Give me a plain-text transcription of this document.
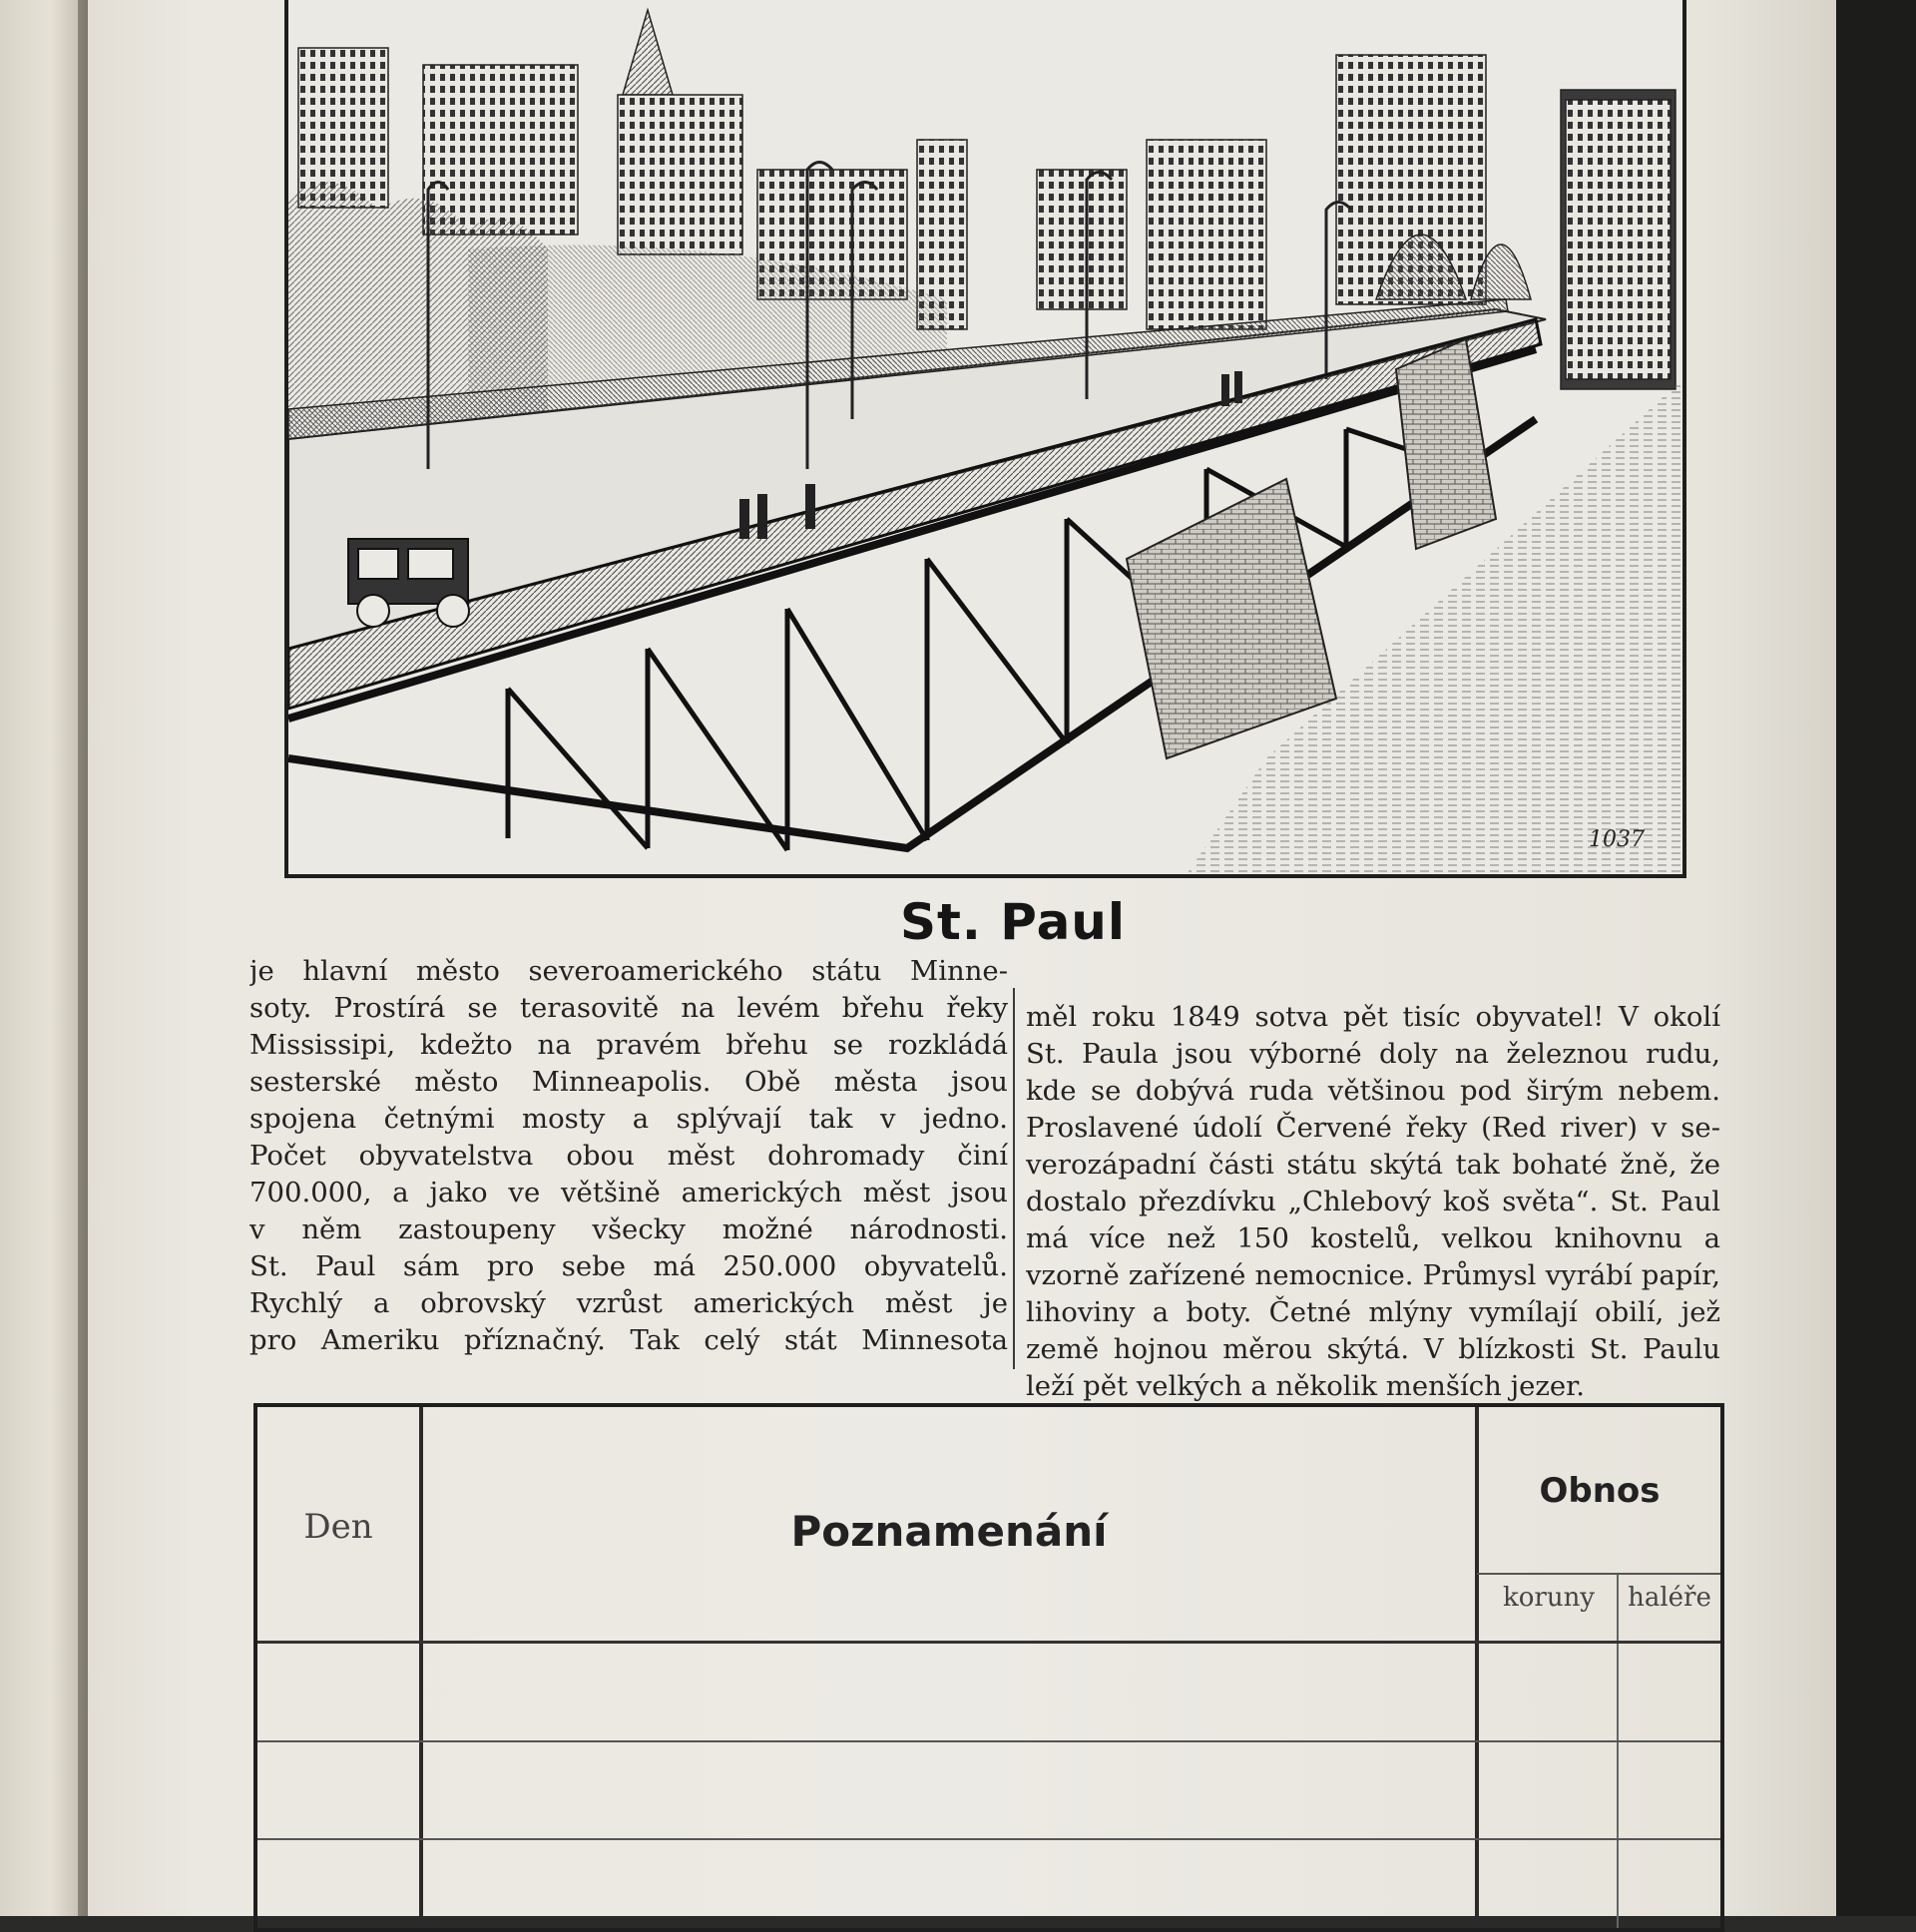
1037
St. Paul
je hlavní město severoamerického státu Minne-
soty. Prostírá se terasovitě na levém břehu řeky
Mississipi, kdežto na pravém břehu se rozkládá
sesterské město Minneapolis. Obě města jsou
spojena četnými mosty a splývají tak v jedno.
Počet obyvatelstva obou měst dohromady činí
700.000, a jako ve většině amerických měst jsou
v něm zastoupeny všecky možné národnosti.
St. Paul sám pro sebe má 250.000 obyvatelů.
Rychlý a obrovský vzrůst amerických měst je
pro Ameriku příznačný. Tak celý stát Minnesota
měl roku 1849 sotva pět tisíc obyvatel! V okolí
St. Paula jsou výborné doly na železnou rudu,
kde se dobývá ruda většinou pod širým nebem.
Proslavené údolí Červené řeky (Red river) v se-
verozápadní části státu skýtá tak bohaté žně, že
dostalo přezdívku „Chlebový koš světa“. St. Paul
má více než 150 kostelů, velkou knihovnu a
vzorně zařízené nemocnice. Průmysl vyrábí papír,
lihoviny a boty. Četné mlýny vymílají obilí, jež
země hojnou měrou skýtá. V blízkosti St. Paulu
leží pět velkých a několik menších jezer.
Den	Poznamenání
Obnos
koruny	haléře
